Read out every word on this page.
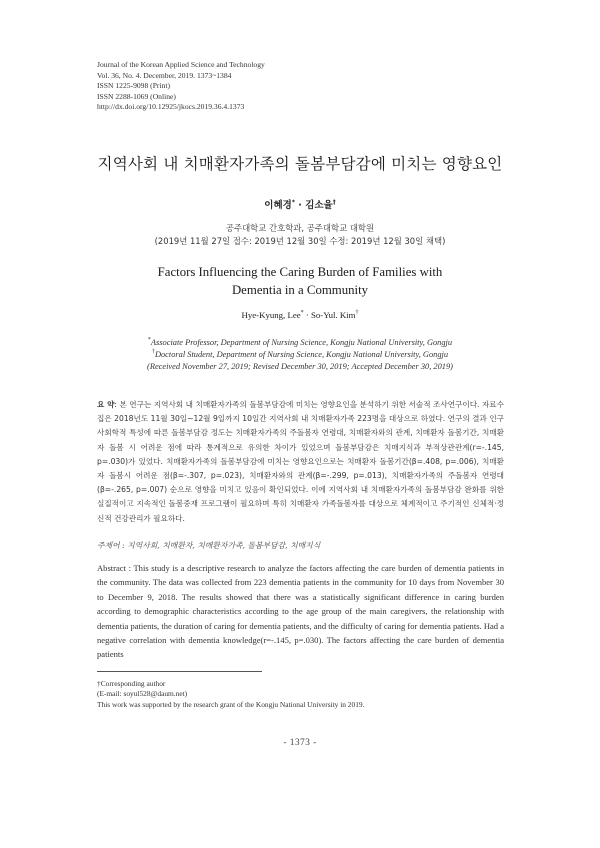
Journal of the Korean Applied Science and Technology
Vol. 36, No. 4. December, 2019. 1373~1384
ISSN 1225-9098 (Print)
ISSN 2288-1069 (Online)
http://dx.doi.org/10.12925/jkocs.2019.36.4.1373
지역사회 내 치매환자가족의 돌봄부담감에 미치는 영향요인
이혜경* · 김소율†
공주대학교 간호학과, 공주대학교 대학원
(2019년 11월 27일 접수: 2019년 12월 30일 수정: 2019년 12월 30일 채택)
Factors Influencing the Caring Burden of Families with
Dementia in a Community
Hye-Kyung, Lee* · So-Yul. Kim†
*Associate Professor, Department of Nursing Science, Kongju National University, Gongju
†Doctoral Student, Department of Nursing Science, Kongju National University, Gongju
(Received November 27, 2019; Revised December 30, 2019; Accepted December 30, 2019)
요 약: 본 연구는 지역사회 내 치매환자가족의 돌봄부담감에 미치는 영향요인을 분석하기 위한 서술적 조사연구이다. 자료수집은 2018년도 11월 30일~12월 9일까지 10일간 지역사회 내 치매환자가족 223명을 대상으로 하였다. 연구의 결과 인구사회학적 특성에 따른 돌봄부담감 정도는 치매환자가족의 주돌봄자 연령대, 치매환자와의 관계, 치매환자 돌봄기간, 치매환자 돌봄 시 어려운 점에 따라 통계적으로 유의한 차이가 있었으며 돌봄부담감은 치매지식과 부적상관관계(r=-.145, p=.030)가 있었다. 치매환자가족의 돌봄부담감에 미치는 영향요인으로는 치매환자 돌봄기간(β=.408, p=.006), 치매환자 돌봄시 어려운 점(β=-.307, p=.023), 치매환자와의 관계(β=-.299, p=.013), 치매환자가족의 주돌봄자 연령대(β=-.265, p=.007) 순으로 영향을 미치고 있음이 확인되었다. 이에 지역사회 내 치매환자가족의 돌봄부담감 완화를 위한 실질적이고 지속적인 돌봄중재 프로그램이 필요하며 특히 치매환자 가족돌봄자를 대상으로 체계적이고 주기적인 신체적·정신적 건강관리가 필요하다.
주제어 : 지역사회, 치매환자, 치매환자가족, 돌봄부담감, 치매지식
Abstract : This study is a descriptive research to analyze the factors affecting the care burden of dementia patients in the community. The data was collected from 223 dementia patients in the community for 10 days from November 30 to December 9, 2018. The results showed that there was a statistically significant difference in caring burden according to demographic characteristics according to the age group of the main caregivers, the relationship with dementia patients, the duration of caring for dementia patients, and the difficulty of caring for dementia patients. Had a negative correlation with dementia knowledge(r=-.145, p=.030). The factors affecting the care burden of dementia patients
†Corresponding author
(E-mail: soyul528@daum.net)
This work was supported by the research grant of the Kongju National University in 2019.
- 1373 -
